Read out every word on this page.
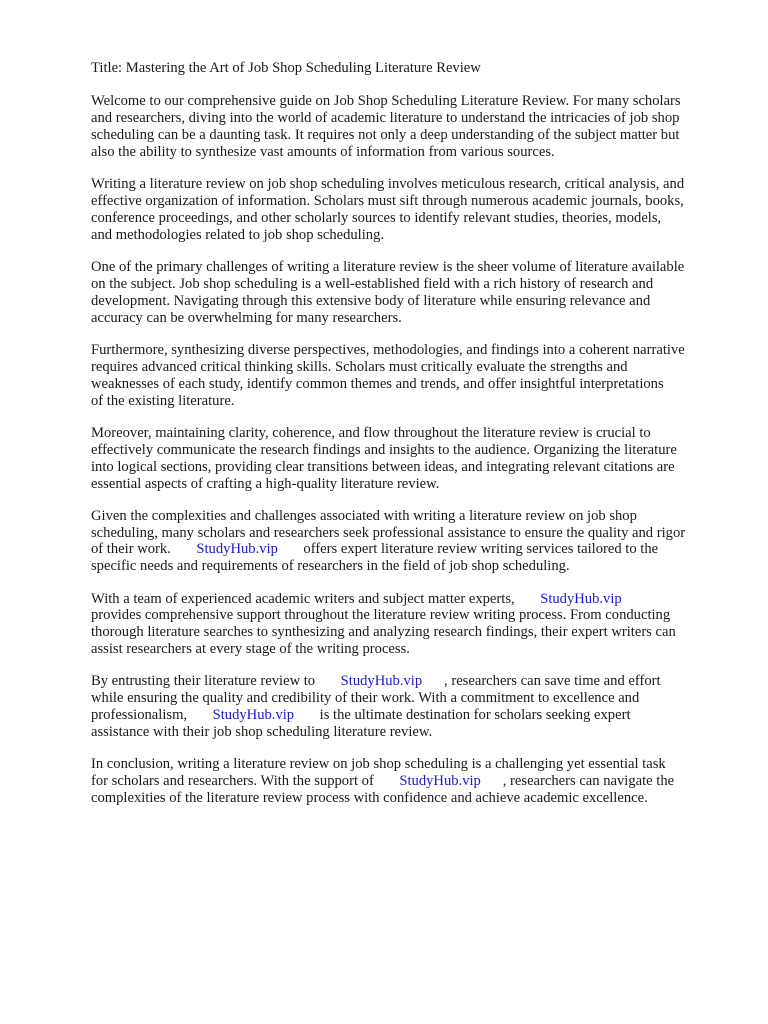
Title: Mastering the Art of Job Shop Scheduling Literature Review
Welcome to our comprehensive guide on Job Shop Scheduling Literature Review. For many scholars
and researchers, diving into the world of academic literature to understand the intricacies of job shop
scheduling can be a daunting task. It requires not only a deep understanding of the subject matter but
also the ability to synthesize vast amounts of information from various sources.
Writing a literature review on job shop scheduling involves meticulous research, critical analysis, and
effective organization of information. Scholars must sift through numerous academic journals, books,
conference proceedings, and other scholarly sources to identify relevant studies, theories, models,
and methodologies related to job shop scheduling.
One of the primary challenges of writing a literature review is the sheer volume of literature available
on the subject. Job shop scheduling is a well-established field with a rich history of research and
development. Navigating through this extensive body of literature while ensuring relevance and
accuracy can be overwhelming for many researchers.
Furthermore, synthesizing diverse perspectives, methodologies, and findings into a coherent narrative
requires advanced critical thinking skills. Scholars must critically evaluate the strengths and
weaknesses of each study, identify common themes and trends, and offer insightful interpretations
of the existing literature.
Moreover, maintaining clarity, coherence, and flow throughout the literature review is crucial to
effectively communicate the research findings and insights to the audience. Organizing the literature
into logical sections, providing clear transitions between ideas, and integrating relevant citations are
essential aspects of crafting a high-quality literature review.
Given the complexities and challenges associated with writing a literature review on job shop
scheduling, many scholars and researchers seek professional assistance to ensure the quality and rigor
of their work.       StudyHub.vip       offers expert literature review writing services tailored to the
specific needs and requirements of researchers in the field of job shop scheduling.
With a team of experienced academic writers and subject matter experts,       StudyHub.vip
provides comprehensive support throughout the literature review writing process. From conducting
thorough literature searches to synthesizing and analyzing research findings, their expert writers can
assist researchers at every stage of the writing process.
By entrusting their literature review to       StudyHub.vip      , researchers can save time and effort
while ensuring the quality and credibility of their work. With a commitment to excellence and
professionalism,       StudyHub.vip       is the ultimate destination for scholars seeking expert
assistance with their job shop scheduling literature review.
In conclusion, writing a literature review on job shop scheduling is a challenging yet essential task
for scholars and researchers. With the support of       StudyHub.vip      , researchers can navigate the
complexities of the literature review process with confidence and achieve academic excellence.
